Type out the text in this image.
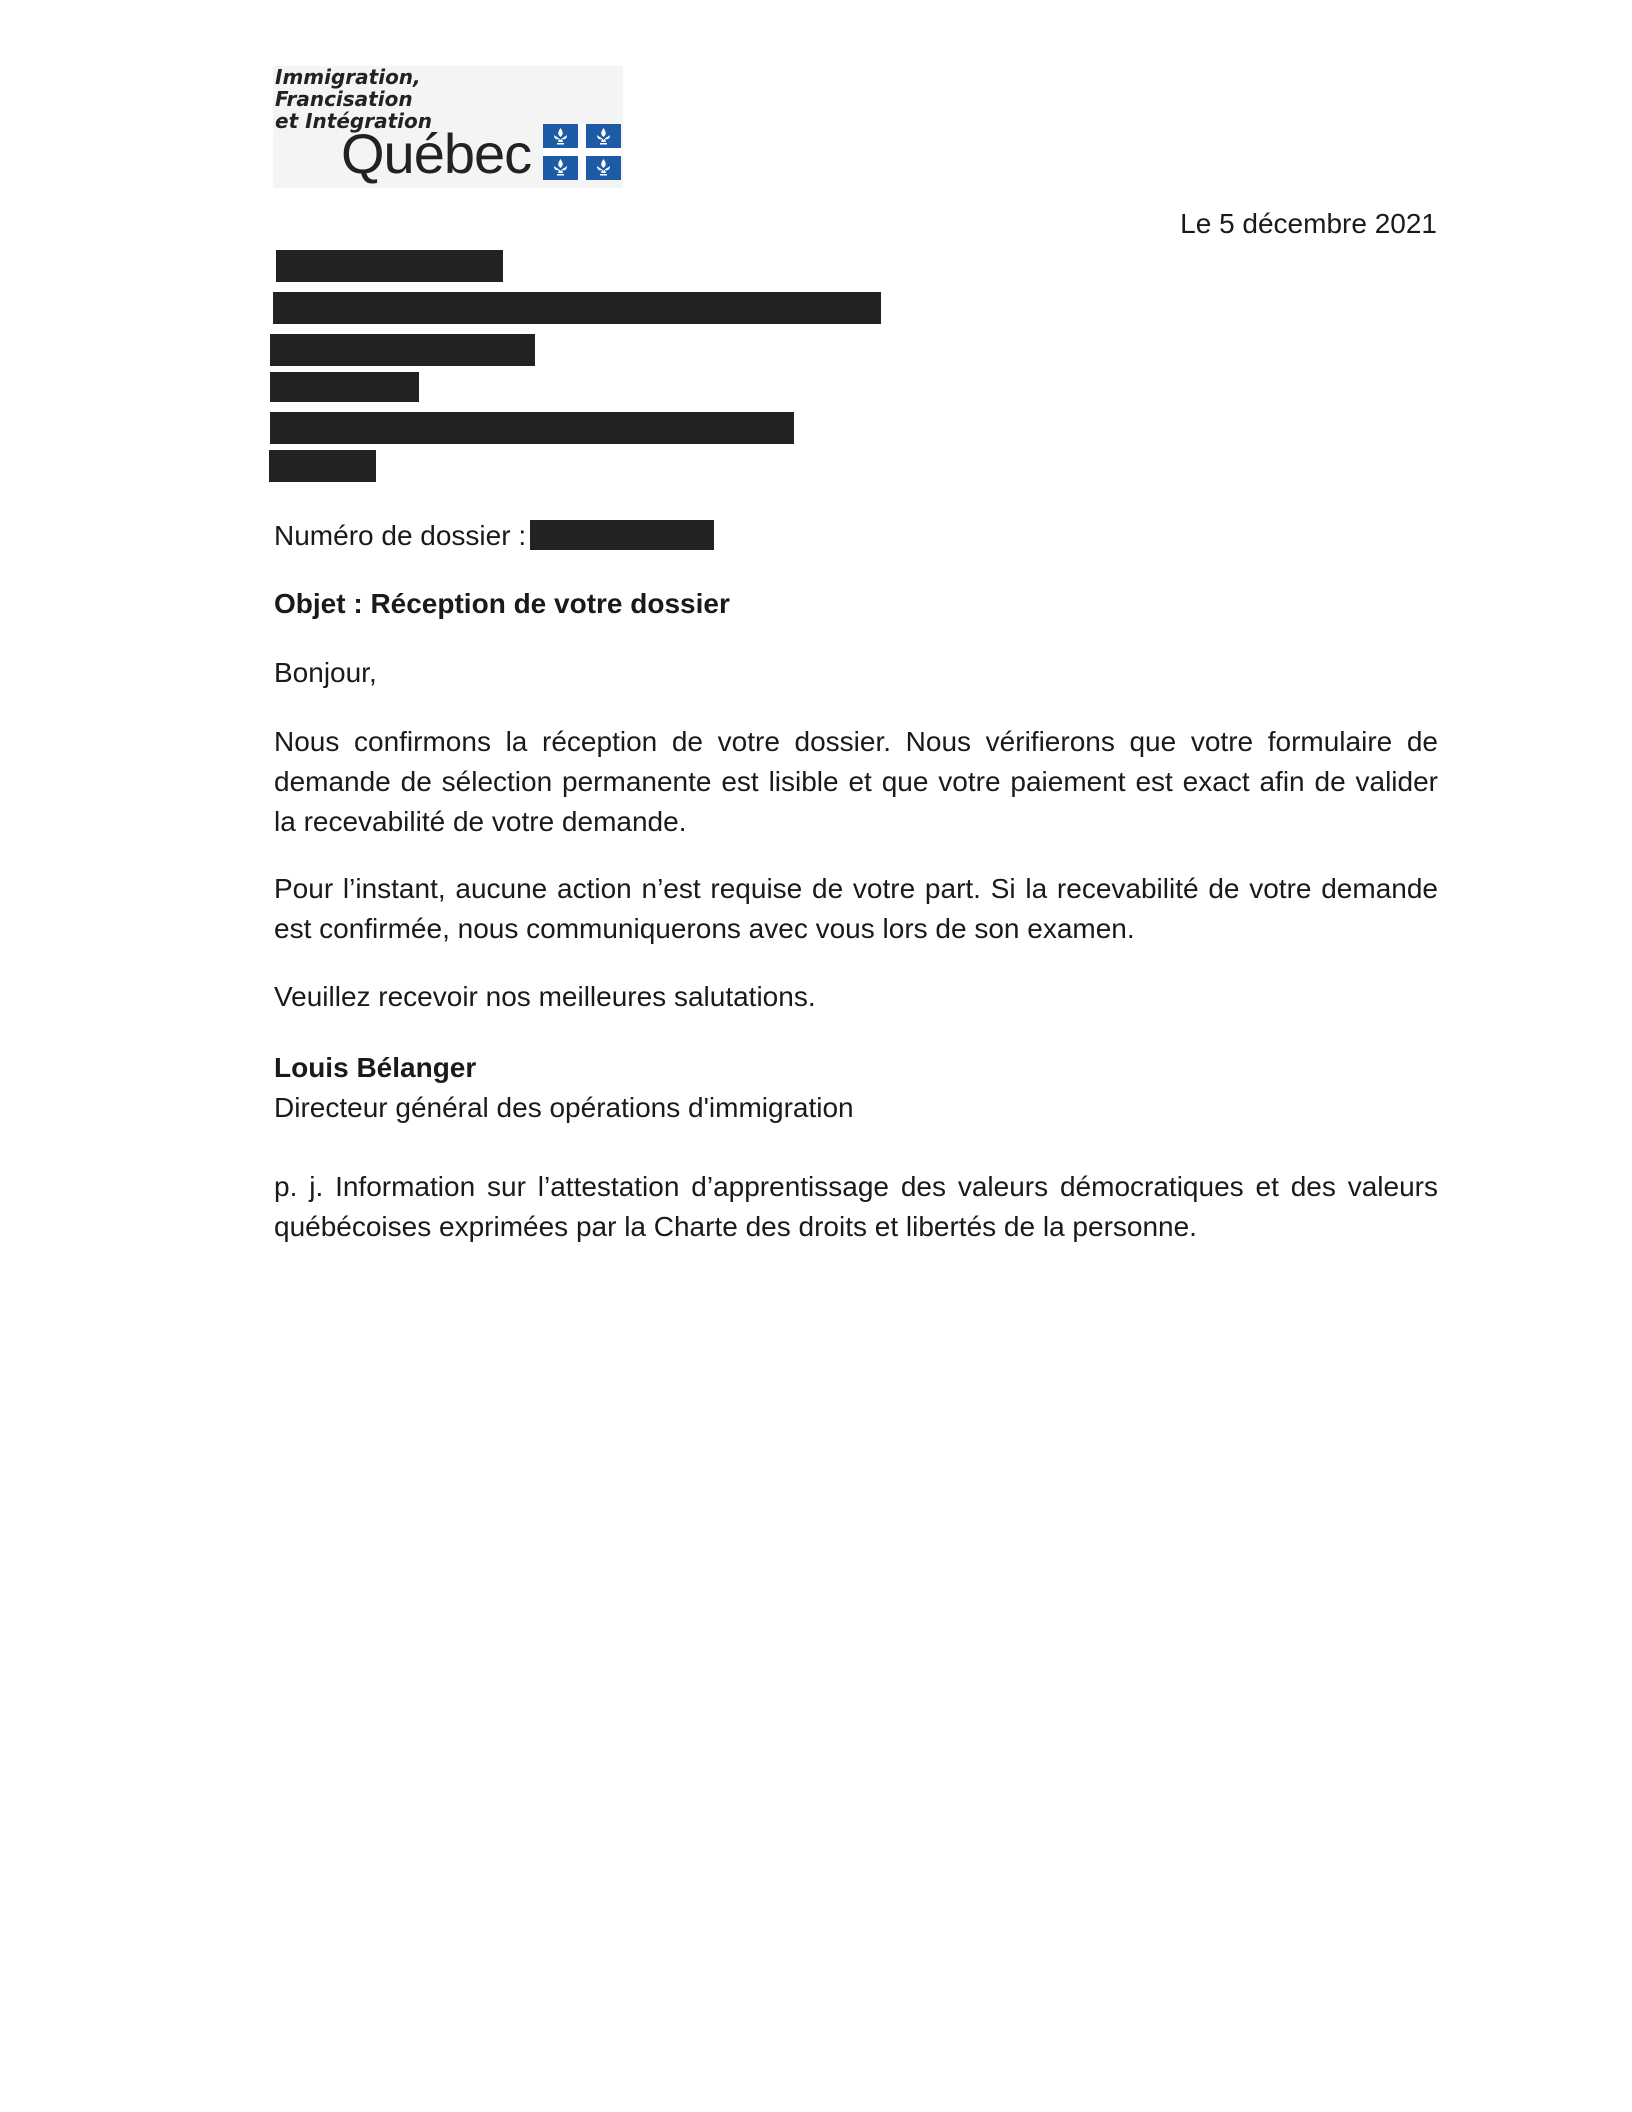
Immigration,
Francisation
et Intégration
Québec
Le 5 décembre 2021
Numéro de dossier :
Objet : Réception de votre dossier
Bonjour,
Nous confirmons la réception de votre dossier. Nous vérifierons que votre formulaire de demande de sélection permanente est lisible et que votre paiement est exact afin de valider la recevabilité de votre demande.
Pour l’instant, aucune action n’est requise de votre part. Si la recevabilité de votre demande est confirmée, nous communiquerons avec vous lors de son examen.
Veuillez recevoir nos meilleures salutations.
Louis Bélanger
Directeur général des opérations d'immigration
p. j. Information sur l’attestation d’apprentissage des valeurs démocratiques et des valeurs québécoises exprimées par la Charte des droits et libertés de la personne.
